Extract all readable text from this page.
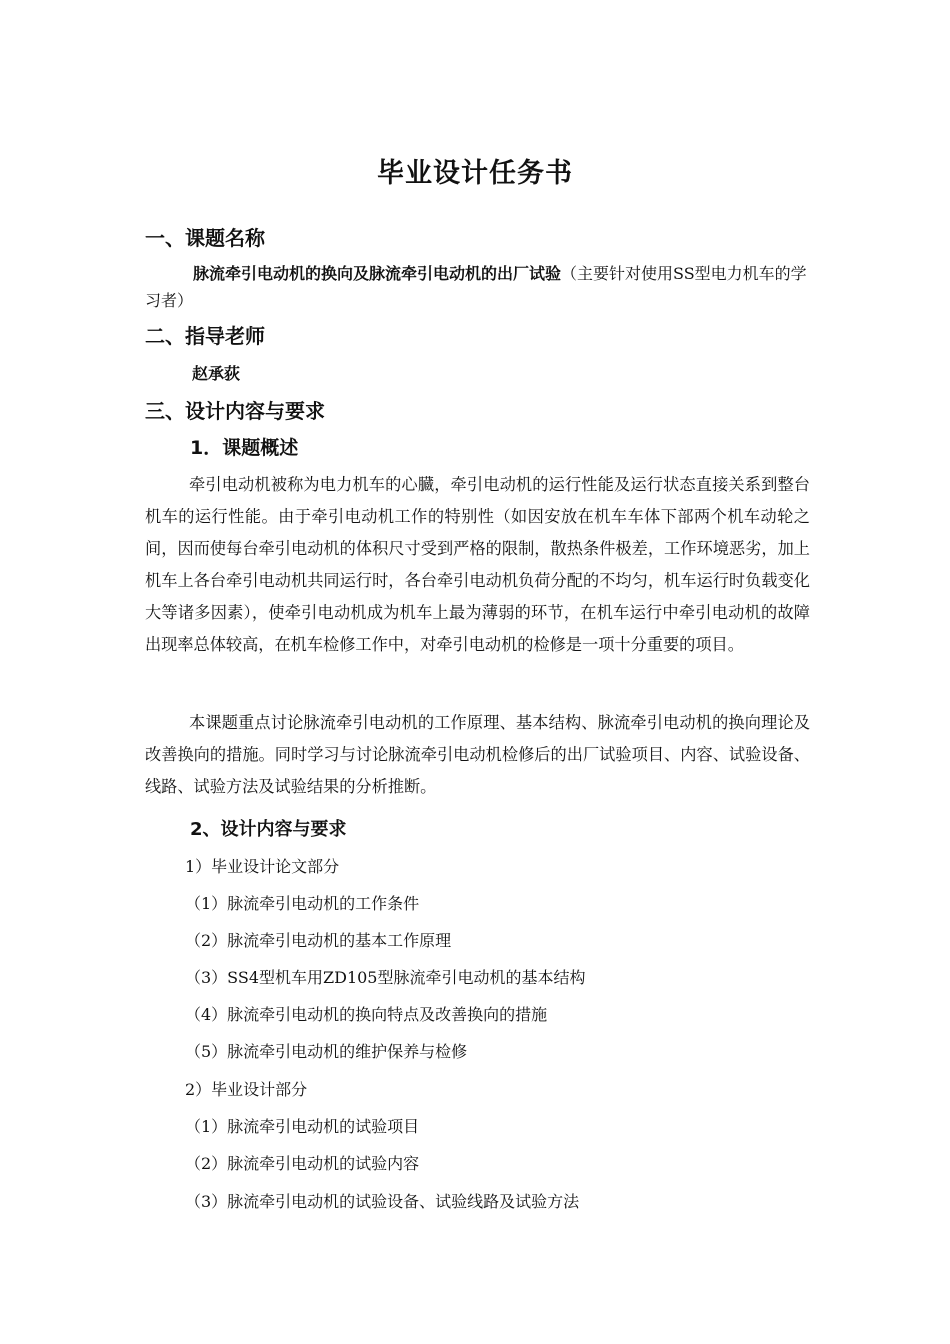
毕业设计任务书
一、课题名称
脉流牵引电动机的换向及脉流牵引电动机的出厂试验（主要针对使用SS型电力机车的学习者）
二、指导老师
赵承荻
三、设计内容与要求
1．课题概述
牵引电动机被称为电力机车的心臓，牵引电动机的运行性能及运行状态直接关系到整台机车的运行性能。由于牵引电动机工作的特别性（如因安放在机车车体下部两个机车动轮之间，因而使每台牵引电动机的体积尺寸受到严格的限制，散热条件极差，工作环境恶劣，加上机车上各台牵引电动机共同运行时，各台牵引电动机负荷分配的不均匀，机车运行时负载变化大等诸多因素），使牵引电动机成为机车上最为薄弱的环节，在机车运行中牵引电动机的故障出现率总体较高，在机车检修工作中，对牵引电动机的检修是一项十分重要的项目。
本课题重点讨论脉流牵引电动机的工作原理、基本结构、脉流牵引电动机的换向理论及改善换向的措施。同时学习与讨论脉流牵引电动机检修后的出厂试验项目、内容、试验设备、线路、试验方法及试验结果的分析推断。
2、设计内容与要求
1）毕业设计论文部分
（1）脉流牵引电动机的工作条件
（2）脉流牵引电动机的基本工作原理
（3）SS4型机车用ZD105型脉流牵引电动机的基本结构
（4）脉流牵引电动机的换向特点及改善换向的措施
（5）脉流牵引电动机的维护保养与检修
2）毕业设计部分
（1）脉流牵引电动机的试验项目
（2）脉流牵引电动机的试验内容
（3）脉流牵引电动机的试验设备、试验线路及试验方法
